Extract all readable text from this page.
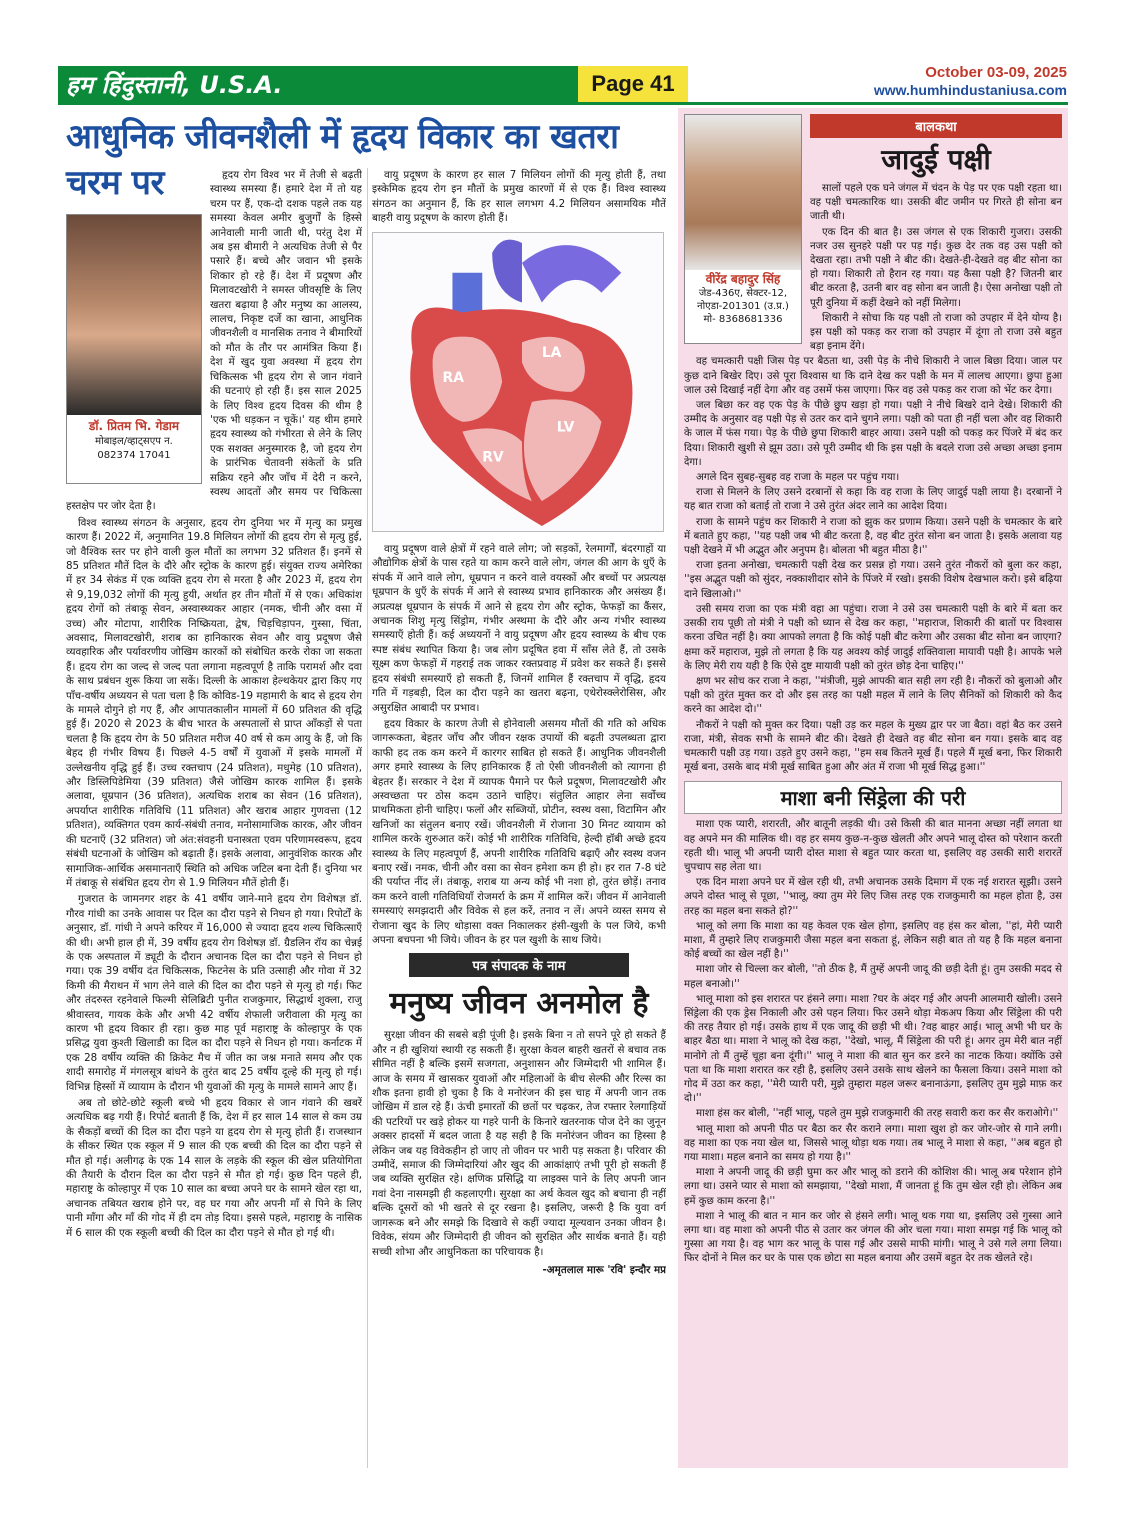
हम हिंदुस्तानी, U.S.A.	Page 41	October 03-09, 2025
www.humhindustaniusa.com
आधुनिक जीवनशैली में हृदय विकार का खतरा चरम पर
डॉ. प्रितम भि. गेडाम
मोबाइल/व्हाट्सएप न.
082374 17041

हृदय रोग विश्व भर में तेजी से बढ़ती स्वास्थ्य समस्या हैं। हमारे देश में तो यह चरम पर हैं, एक-दो दशक पहले तक यह समस्या केवल अमीर बुजुर्गों के हिस्से आनेवाली मानी जाती थी, परंतु देश में अब इस बीमारी ने अत्यधिक तेजी से पैर पसारे हैं। बच्चे और जवान भी इसके शिकार हो रहे हैं। देश में प्रदूषण और मिलावटखोरी ने समस्त जीवसृष्टि के लिए खतरा बढ़ाया है और मनुष्य का आलस्य, लालच, निकृष्ट दर्जे का खाना, आधुनिक जीवनशैली व मानसिक तनाव ने बीमारियों को मौत के तौर पर आमंत्रित किया हैं। देश में खुद युवा अवस्था में हृदय रोग चिकित्सक भी हृदय रोग से जान गंवाने की घटनाएं हो रही हैं। इस साल 2025 के लिए विश्व हृदय दिवस की थीम है 'एक भी धड़कन न चूकें।' यह थीम हमारे हृदय स्वास्थ्य को गंभीरता से लेने के लिए एक सशक्त अनुस्मारक है, जो हृदय रोग के प्रारंभिक चेतावनी संकेतों के प्रति सक्रिय रहने और जाँच में देरी न करने, स्वस्थ आदतों और समय पर चिकित्सा हस्तक्षेप पर जोर देता है।

विश्व स्वास्थ्य संगठन के अनुसार, हृदय रोग दुनिया भर में मृत्यु का प्रमुख कारण हैं। 2022 में, अनुमानित 19.8 मिलियन लोगों की हृदय रोग से मृत्यु हुई, जो वैश्विक स्तर पर होने वाली कुल मौतों का लगभग 32 प्रतिशत हैं। इनमें से 85 प्रतिशत मौतें दिल के दौरे और स्ट्रोक के कारण हुई। संयुक्त राज्य अमेरिका में हर 34 सेकंड में एक व्यक्ति हृदय रोग से मरता है और 2023 में, हृदय रोग से 9,19,032 लोगों की मृत्यु हुयी, अर्थात हर तीन मौतों में से एक। अधिकांश हृदय रोगों को तंबाकू सेवन, अस्वास्थ्यकर आहार (नमक, चीनी और वसा में उच्च) और मोटापा, शारीरिक निष्क्रियता, द्वेष, चिड़चिड़ापन, गुस्सा, चिंता, अवसाद, मिलावटखोरी, शराब का हानिकारक सेवन और वायु प्रदूषण जैसे व्यवहारिक और पर्यावरणीय जोखिम कारकों को संबोधित करके रोका जा सकता हैं। हृदय रोग का जल्द से जल्द पता लगाना महत्वपूर्ण है ताकि परामर्श और दवा के साथ प्रबंधन शुरू किया जा सकें। दिल्ली के आकाश हेल्थकेयर द्वारा किए गए पाँच-वर्षीय अध्ययन से पता चला है कि कोविड-19 महामारी के बाद से हृदय रोग के मामले दोगुने हो गए हैं, और आपातकालीन मामलों में 60 प्रतिशत की वृद्धि हुई हैं। 2020 से 2023 के बीच भारत के अस्पतालों से प्राप्त आँकड़ों से पता चलता है कि हृदय रोग के 50 प्रतिशत मरीज 40 वर्ष से कम आयु के हैं, जो कि बेहद ही गंभीर विषय हैं। पिछले 4-5 वर्षों में युवाओं में इसके मामलों में उल्लेखनीय वृद्धि हुई हैं। उच्च रक्तचाप (24 प्रतिशत), मधुमेह (10 प्रतिशत), और डिस्लिपिडेमिया (39 प्रतिशत) जैसे जोखिम कारक शामिल हैं। इसके अलावा, धूम्रपान (36 प्रतिशत), अत्यधिक शराब का सेवन (16 प्रतिशत), अपर्याप्त शारीरिक गतिविधि (11 प्रतिशत) और खराब आहार गुणवत्ता (12 प्रतिशत), व्यक्तिगत एवम कार्य-संबंधी तनाव, मनोसामाजिक कारक, और जीवन की घटनाएँ (32 प्रतिशत) जो अंत:संवहनी घनास्त्रता एवम परिणामस्वरूप, हृदय संबंधी घटनाओं के जोखिम को बढ़ाती हैं। इसके अलावा, आनुवंशिक कारक और सामाजिक-आर्थिक असमानताएँ स्थिति को अधिक जटिल बना देती हैं। दुनिया भर में तंबाकू से संबंधित हृदय रोग से 1.9 मिलियन मौतें होती हैं।

गुजरात के जामनगर शहर के 41 वर्षीय जाने-माने हृदय रोग विशेषज्ञ डॉ. गौरव गांधी का उनके आवास पर दिल का दौरा पड़ने से निधन हो गया। रिपोर्टों के अनुसार, डॉ. गांधी ने अपने करियर में 16,000 से ज्यादा हृदय शल्य चिकित्साएँ की थी। अभी हाल ही में, 39 वर्षीय हृदय रोग विशेषज्ञ डॉ. ग्रैडलिन रॉय का चेन्नई के एक अस्पताल में ड्यूटी के दौरान अचानक दिल का दौरा पड़ने से निधन हो गया। एक 39 वर्षीय दंत चिकित्सक, फिटनेस के प्रति उत्साही और गोवा में 32 किमी की मैराथन में भाग लेने वाले की दिल का दौरा पड़ने से मृत्यु हो गई। फिट और तंदरुस्त रहनेवाले फिल्मी सेलिब्रिटी पुनीत राजकुमार, सिद्धार्थ शुक्ला, राजु श्रीवास्तव, गायक केके और अभी 42 वर्षीय शेफाली जरीवाला की मृत्यु का कारण भी हृदय विकार ही रहा। कुछ माह पूर्व महाराष्ट्र के कोल्हापुर के एक प्रसिद्ध युवा कुश्ती खिलाडी का दिल का दौरा पड़ने से निधन हो गया। कर्नाटक में एक 28 वर्षीय व्यक्ति की क्रिकेट मैच में जीत का जश्न मनाते समय और एक शादी समारोह में मंगलसूत्र बांधने के तुरंत बाद 25 वर्षीय दूल्हे की मृत्यु हो गई। विभिन्न हिस्सों में व्यायाम के दौरान भी युवाओं की मृत्यु के मामले सामने आए हैं।

अब तो छोटे-छोटे स्कूली बच्चे भी हृदय विकार से जान गंवाने की खबरें अत्यधिक बढ़ गयी हैं। रिपोर्ट बताती हैं कि, देश में हर साल 14 साल से कम उम्र के सैकड़ों बच्चों की दिल का दौरा पड़ने या हृदय रोग से मृत्यु होती हैं। राजस्थान के सीकर स्थित एक स्कूल में 9 साल की एक बच्ची की दिल का दौरा पड़ने से मौत हो गई। अलीगढ़ के एक 14 साल के लड़के की स्कूल की खेल प्रतियोगिता की तैयारी के दौरान दिल का दौरा पड़ने से मौत हो गई। कुछ दिन पहले ही, महाराष्ट्र के कोल्हापुर में एक 10 साल का बच्चा अपने घर के सामने खेल रहा था, अचानक तबियत खराब होने पर, वह घर गया और अपनी माँ से पिने के लिए पानी माँगा और माँ की गोद में ही दम तोड़ दिया। इससे पहले, महाराष्ट्र के नासिक में 6 साल की एक स्कूली बच्ची की दिल का दौरा पड़ने से मौत हो गई थी।

वायु प्रदूषण के कारण हर साल 7 मिलियन लोगों की मृत्यु होती हैं, तथा इस्केमिक हृदय रोग इन मौतों के प्रमुख कारणों में से एक हैं। विश्व स्वास्थ्य संगठन का अनुमान हैं, कि हर साल लगभग 4.2 मिलियन असामयिक मौतें बाहरी वायु प्रदूषण के कारण होती हैं।

RA
LA
LV
RV

वायु प्रदूषण वाले क्षेत्रों में रहने वाले लोग; जो सड़कों, रेलमार्गों, बंदरगाहों या औद्योगिक क्षेत्रों के पास रहते या काम करने वाले लोग, जंगल की आग के धुएँ के संपर्क में आने वाले लोग, धूम्रपान न करने वाले वयस्कों और बच्चों पर अप्रत्यक्ष धूम्रपान के धुएँ के संपर्क में आने से स्वास्थ्य प्रभाव हानिकारक और असंख्य हैं। अप्रत्यक्ष धूम्रपान के संपर्क में आने से हृदय रोग और स्ट्रोक, फेफड़ों का कैंसर, अचानक शिशु मृत्यु सिंड्रोम, गंभीर अस्थमा के दौरे और अन्य गंभीर स्वास्थ्य समस्याएँ होती हैं। कई अध्ययनों ने वायु प्रदूषण और हृदय स्वास्थ्य के बीच एक स्पष्ट संबंध स्थापित किया है। जब लोग प्रदूषित हवा में साँस लेते हैं, तो उसके सूक्ष्म कण फेफड़ों में गहराई तक जाकर रक्तप्रवाह में प्रवेश कर सकते हैं। इससे हृदय संबंधी समस्याएँ हो सकती हैं, जिनमें शामिल हैं रक्तचाप में वृद्धि, हृदय गति में गड़बड़ी, दिल का दौरा पड़ने का खतरा बढ़ना, एथेरोस्क्लेरोसिस, और असुरक्षित आबादी पर प्रभाव।

हृदय विकार के कारण तेजी से होनेवाली असमय मौतों की गति को अधिक जागरूकता, बेहतर जाँच और जीवन रक्षक उपायों की बढ़ती उपलब्धता द्वारा काफी हद तक कम करने में कारगर साबित हो सकते हैं। आधुनिक जीवनशैली अगर हमारे स्वास्थ्य के लिए हानिकारक हैं तो ऐसी जीवनशैली को त्यागना ही बेहतर हैं। सरकार ने देश में व्यापक पैमाने पर फैले प्रदूषण, मिलावटखोरी और अस्वच्छता पर ठोस कदम उठाने चाहिए। संतुलित आहार लेना सर्वोच्च प्राथमिकता होनी चाहिए। फलों और सब्जियों, प्रोटीन, स्वस्थ वसा, विटामिन और खनिजों का संतुलन बनाए रखें। जीवनशैली में रोजाना 30 मिनट व्यायाम को शामिल करके शुरुआत करें। कोई भी शारीरिक गतिविधि, हेल्दी हॉबी अच्छे हृदय स्वास्थ्य के लिए महत्वपूर्ण हैं, अपनी शारीरिक गतिविधि बढ़ाएँ और स्वस्थ वजन बनाए रखें। नमक, चीनी और वसा का सेवन हमेशा कम ही हो। हर रात 7-8 घंटे की पर्याप्त नींद लें। तंबाकू, शराब या अन्य कोई भी नशा हो, तुरंत छोड़ें। तनाव कम करने वाली गतिविधियाँ रोजमर्रा के क्रम में शामिल करें। जीवन में आनेवाली समस्याएं समझदारी और विवेक से हल करें, तनाव न लें। अपने व्यस्त समय से रोजाना खुद के लिए थोड़ासा वक्त निकालकर हंसी-खुशी के पल जिये, कभी अपना बचपना भी जिये। जीवन के हर पल खुशी के साथ जिये।

पत्र संपादक के नाम
मनुष्य जीवन अनमोल है

सुरक्षा जीवन की सबसे बड़ी पूंजी है। इसके बिना न तो सपने पूरे हो सकते हैं और न ही खुशियां स्थायी रह सकती हैं। सुरक्षा केवल बाहरी खतरों से बचाव तक सीमित नहीं है बल्कि इसमें सजगता, अनुशासन और जिम्मेदारी भी शामिल हैं। आज के समय में खासकर युवाओं और महिलाओं के बीच सेल्फी और रिल्स का शौक इतना हावी हो चुका है कि वे मनोरंजन की इस चाह में अपनी जान तक जोखिम में डाल रहे हैं। ऊंची इमारतों की छतों पर चढ़कर, तेज रफ्तार रेलगाड़ियों की पटरियों पर खड़े होकर या गहरे पानी के किनारे खतरनाक पोज देने का जुनून अक्सर हादसों में बदल जाता है यह सही है कि मनोरंजन जीवन का हिस्सा है लेकिन जब यह विवेकहीन हो जाए तो जीवन पर भारी पड़ सकता है। परिवार की उम्मीदें, समाज की जिम्मेदारियां और खुद की आकांक्षाएं तभी पूरी हो सकती हैं जब व्यक्ति सुरक्षित रहे। क्षणिक प्रसिद्धि या लाइक्स पाने के लिए अपनी जान गवां देना नासमझी ही कहलाएगी। सुरक्षा का अर्थ केवल खुद को बचाना ही नहीं बल्कि दूसरों को भी खतरे से दूर रखना है। इसलिए, जरूरी है कि युवा वर्ग जागरूक बने और समझे कि दिखावे से कहीं ज्यादा मूल्यवान उनका जीवन है। विवेक, संयम और जिम्मेदारी ही जीवन को सुरक्षित और सार्थक बनाते हैं। यही सच्ची शोभा और आधुनिकता का परिचायक है।

-अमृतलाल मारू 'रवि' इन्दौर मप्र
वीरेंद्र बहादुर सिंह
जेड-436ए, सेक्टर-12, नोएडा-201301 (उ.प्र.)
मो- 8368681336
बालकथा
जादुई पक्षी

सालों पहले एक घने जंगल में चंदन के पेड़ पर एक पक्षी रहता था। वह पक्षी चमत्कारिक था। उसकी बीट जमीन पर गिरते ही सोना बन जाती थी।

एक दिन की बात है। उस जंगल से एक शिकारी गुजरा। उसकी नजर उस सुनहरे पक्षी पर पड़ गई। कुछ देर तक वह उस पक्षी को देखता रहा। तभी पक्षी ने बीट की। देखते-ही-देखते वह बीट सोना का हो गया। शिकारी तो हैरान रह गया। यह कैसा पक्षी है? जितनी बार बीट करता है, उतनी बार वह सोना बन जाती है। ऐसा अनोखा पक्षी तो पूरी दुनिया में कहीं देखने को नहीं मिलेगा।

शिकारी ने सोचा कि यह पक्षी तो राजा को उपहार में देने योग्य है। इस पक्षी को पकड़ कर राजा को उपहार में दूंगा तो राजा उसे बहुत बड़ा इनाम देंगे।

वह चमत्कारी पक्षी जिस पेड़ पर बैठता था, उसी पेड़ के नीचे शिकारी ने जाल बिछा दिया। जाल पर कुछ दाने बिखेर दिए। उसे पूरा विश्वास था कि दाने देख कर पक्षी के मन में लालच आएगा। छुपा हुआ जाल उसे दिखाई नहीं देगा और वह उसमें फंस जाएगा। फिर वह उसे पकड़ कर राजा को भेंट कर देगा।

जल बिछा कर वह एक पेड़ के पीछे छुप खड़ा हो गया। पक्षी ने नीचे बिखरे दाने देखे। शिकारी की उम्मीद के अनुसार वह पक्षी पेड़ से उतर कर दाने चुगने लगा। पक्षी को पता ही नहीं चला और वह शिकारी के जाल में फंस गया। पेड़ के पीछे छुपा शिकारी बाहर आया। उसने पक्षी को पकड़ कर पिंजरे में बंद कर दिया। शिकारी खुशी से झूम उठा। उसे पूरी उम्मीद थी कि इस पक्षी के बदले राजा उसे अच्छा अच्छा इनाम देगा।

अगले दिन सुबह-सुबह वह राजा के महल पर पहुंच गया।

राजा से मिलने के लिए उसने दरबानों से कहा कि वह राजा के लिए जादुई पक्षी लाया है। दरबानों ने यह बात राजा को बताई तो राजा ने उसे तुरंत अंदर लाने का आदेश दिया।

राजा के सामने पहुंच कर शिकारी ने राजा को झुक कर प्रणाम किया। उसने पक्षी के चमत्कार के बारे में बताते हुए कहा, ''यह पक्षी जब भी बीट करता है, वह बीट तुरंत सोना बन जाता है। इसके अलावा यह पक्षी देखने में भी अद्भुत और अनुपम है। बोलता भी बहुत मीठा है।''

राजा इतना अनोखा, चमत्कारी पक्षी देख कर प्रसन्न हो गया। उसने तुरंत नौकरों को बुला कर कहा, ''इस अद्भुत पक्षी को सुंदर, नक्काशीदार सोने के पिंजरे में रखो। इसकी विशेष देखभाल करो। इसे बढ़िया दाने खिलाओ।''

उसी समय राजा का एक मंत्री वहा आ पहुंचा। राजा ने उसे उस चमत्कारी पक्षी के बारे में बता कर उसकी राय पूछी तो मंत्री ने पक्षी को ध्यान से देख कर कहा, ''महाराज, शिकारी की बातों पर विश्वास करना उचित नहीं है। क्या आपको लगता है कि कोई पक्षी बीट करेगा और उसका बीट सोना बन जाएगा? क्षमा करें महाराज, मुझे तो लगता है कि यह अवश्य कोई जादुई शक्तिवाला मायावी पक्षी है। आपके भले के लिए मेरी राय यही है कि ऐसे दुष्ट मायावी पक्षी को तुरंत छोड़ देना चाहिए।''

क्षण भर सोच कर राजा ने कहा, ''मंत्रीजी, मुझे आपकी बात सही लग रही है। नौकरों को बुलाओ और पक्षी को तुरंत मुक्त कर दो और इस तरह का पक्षी महल में लाने के लिए सैनिकों को शिकारी को कैद करने का आदेश दो।''

नौकरों ने पक्षी को मुक्त कर दिया। पक्षी उड़ कर महल के मुख्य द्वार पर जा बैठा। वहां बैठ कर उसने राजा, मंत्री, सेवक सभी के सामने बीट की। देखते ही देखते वह बीट सोना बन गया। इसके बाद वह चमत्कारी पक्षी उड़ गया। उड़ते हुए उसने कहा, ''हम सब कितने मूर्ख हैं। पहले मैं मूर्ख बना, फिर शिकारी मूर्ख बना, उसके बाद मंत्री मूर्ख साबित हुआ और अंत में राजा भी मूर्ख सिद्ध हुआ।''

माशा बनी सिंड्रेला की परी

माशा एक प्यारी, शरारती, और बातूनी लड़की थी। उसे किसी की बात मानना अच्छा नहीं लगता था वह अपने मन की मालिक थी। वह हर समय कुछ-न-कुछ खेलती और अपने भालू दोस्त को परेशान करती रहती थी। भालू भी अपनी प्यारी दोस्त माशा से बहुत प्यार करता था, इसलिए वह उसकी सारी शरारतें चुपचाप सह लेता था।

एक दिन माशा अपने घर में खेल रही थी, तभी अचानक उसके दिमाग में एक नई शरारत सूझी। उसने अपने दोस्त भालू से पूछा, ''भालू, क्या तुम मेरे लिए जिस तरह एक राजकुमारी का महल होता है, उस तरह का महल बना सकते हो?''

भालू को लगा कि माशा का यह केवल एक खेल होगा, इसलिए वह हंस कर बोला, ''हां, मेरी प्यारी माशा, मैं तुम्हारे लिए राजकुमारी जैसा महल बना सकता हूं, लेकिन सही बात तो यह है कि महल बनाना कोई बच्चों का खेल नहीं है।''

माशा जोर से चिल्ला कर बोली, ''तो ठीक है, मैं तुम्हें अपनी जादू की छड़ी देती हूं। तुम उसकी मदद से महल बनाओ।''

भालू माशा को इस शरारत पर हंसने लगा। माशा ?घर के अंदर गई और अपनी आलमारी खोली। उसने सिंड्रेला की एक ड्रेस निकाली और उसे पहन लिया। फिर उसने थोड़ा मेकअप किया और सिंड्रेला की परी की तरह तैयार हो गई। उसके हाथ में एक जादू की छड़ी भी थी। ?वह बाहर आई। भालू अभी भी घर के बाहर बैठा था। माशा ने भालू को देख कहा, ''देखो, भालू, मैं सिंड्रेला की परी हूं। अगर तुम मेरी बात नहीं मानोगे तो मैं तुम्हें चूहा बना दूंगी।'' भालू ने माशा की बात सुन कर डरने का नाटक किया। क्योंकि उसे पता था कि माशा शरारत कर रही है, इसलिए उसने उसके साथ खेलने का फैसला किया। उसने माशा को गोद में उठा कर कहा, ''मेरी प्यारी परी, मुझे तुम्हारा महल जरूर बनानाऊंगा, इसलिए तुम मुझे माफ़ कर दो।''

माशा हंस कर बोली, ''नहीं भालू, पहले तुम मुझे राजकुमारी की तरह सवारी करा कर सैर कराओगे।''

भालू माशा को अपनी पीठ पर बैठा कर सैर कराने लगा। माशा खुश हो कर जोर-जोर से गाने लगी। वह माशा का एक नया खेल था, जिससे भालू थोड़ा थक गया। तब भालू ने माशा से कहा, ''अब बहुत हो गया माशा। महल बनाने का समय हो गया है।''

माशा ने अपनी जादू की छड़ी घुमा कर और भालू को डराने की कोशिश की। भालू अब परेशान होने लगा था। उसने प्यार से माशा को समझाया, ''देखो माशा, मैं जानता हूं कि तुम खेल रही हो। लेकिन अब हमें कुछ काम करना है।''

माशा ने भालू की बात न मान कर जोर से हंसने लगी। भालू थक गया था, इसलिए उसे गुस्सा आने लगा था। वह माशा को अपनी पीठ से उतार कर जंगल की ओर चला गया। माशा समझ गई कि भालू को गुस्सा आ गया है। वह भाग कर भालू के पास गई और उससे माफी मांगी। भालू ने उसे गले लगा लिया। फिर दोनों ने मिल कर घर के पास एक छोटा सा महल बनाया और उसमें बहुत देर तक खेलते रहे।
